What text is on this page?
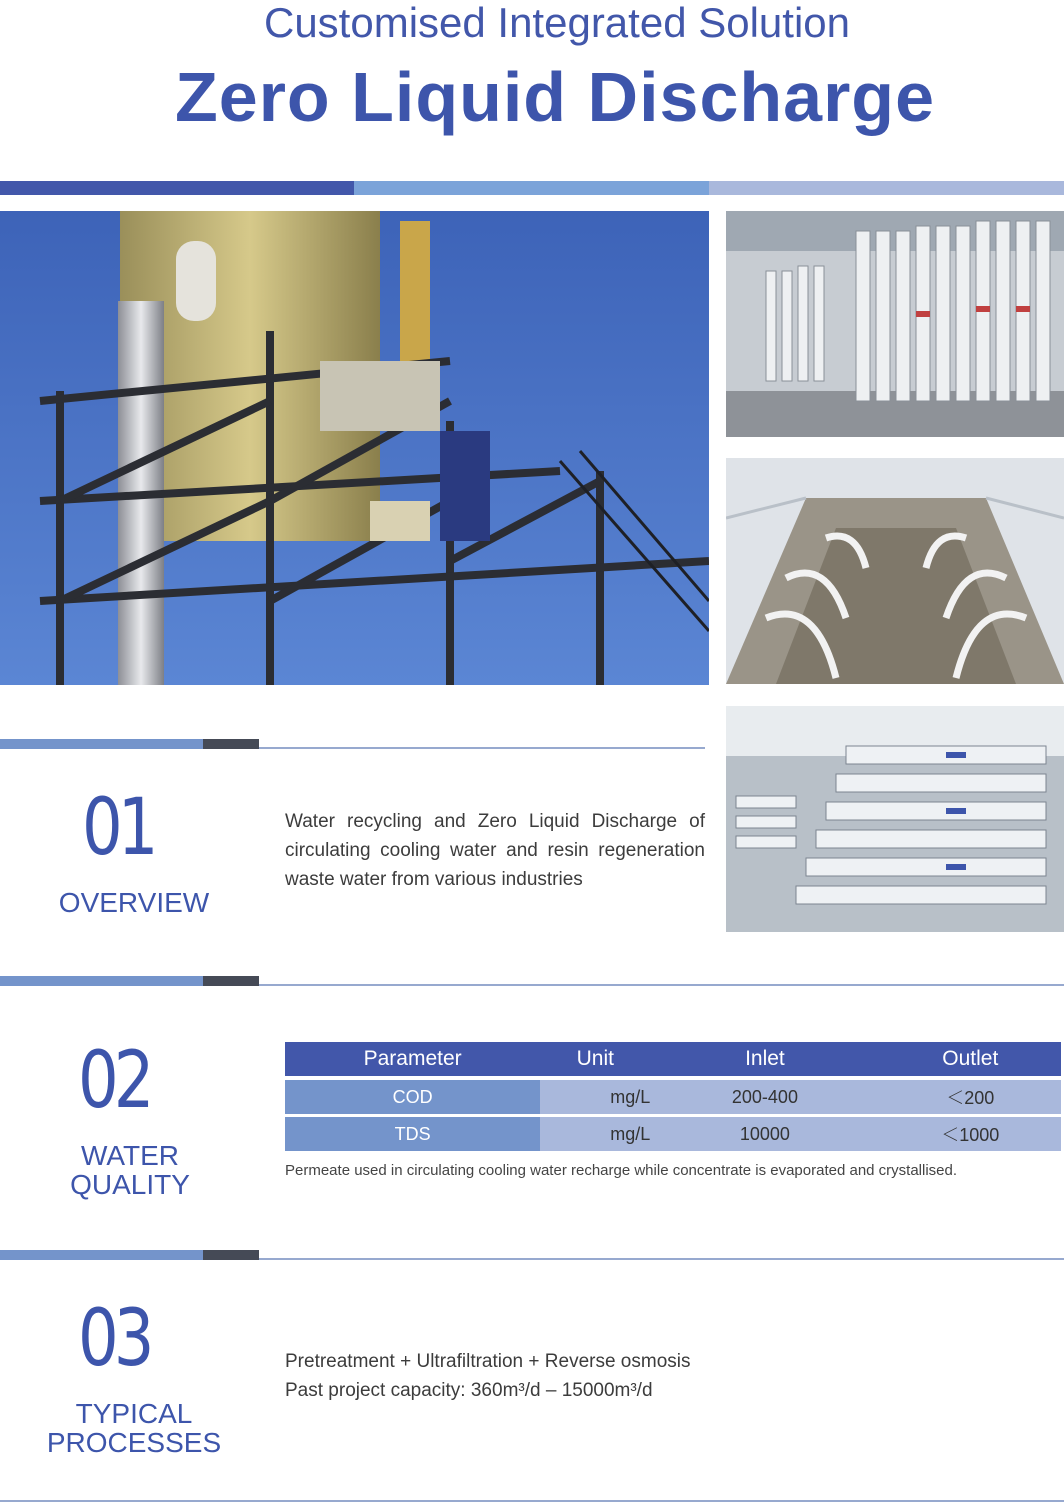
Customised Integrated Solution
Zero Liquid Discharge
01
OVERVIEW
Water recycling and Zero Liquid Discharge of circulating cooling water and resin regeneration waste water from various industries
02
WATER
QUALITY
Parameter	Unit	Inlet	Outlet
COD	mg/L	200-400	＜200
TDS	mg/L	10000	＜1000
Permeate used in circulating cooling water recharge while concentrate is evaporated and crystallised.
03
TYPICAL
PROCESSES
Pretreatment + Ultrafiltration + Reverse osmosis
Past project capacity: 360m³/d – 15000m³/d
